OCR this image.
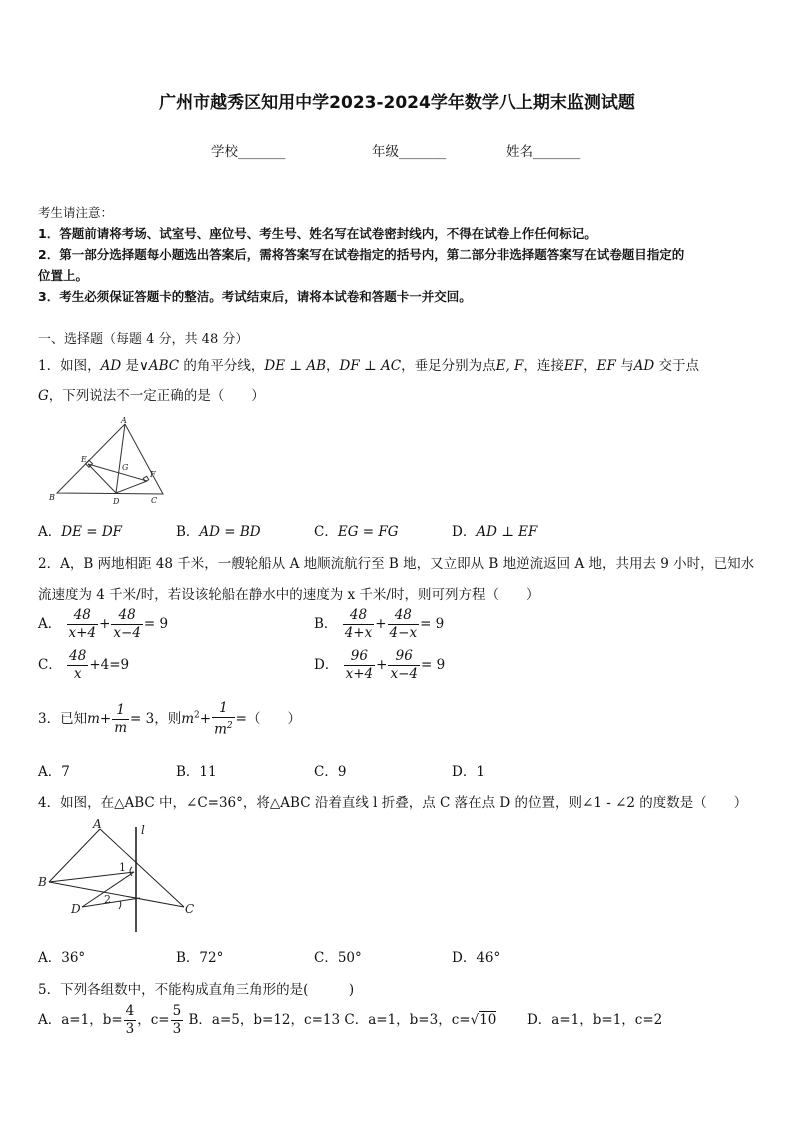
广州市越秀区知用中学2023-2024学年数学八上期末监测试题
学校_______	年级_______	姓名_______
考生请注意：
1．答题前请将考场、试室号、座位号、考生号、姓名写在试卷密封线内，不得在试卷上作任何标记。
2．第一部分选择题每小题选出答案后，需将答案写在试卷指定的括号内，第二部分非选择题答案写在试卷题目指定的
位置上。
3．考生必须保证答题卡的整洁。考试结束后，请将本试卷和答题卡一并交回。
一、选择题（每题 4 分，共 48 分）
1．如图，AD 是∨ABC 的角平分线，DE ⊥ AB，DF ⊥ AC，垂足分别为点E, F，连接EF，EF 与AD 交于点
G，下列说法不一定正确的是（　　）
A
E
G
F
B	D	C
A．DE = DF	B．AD = BD	C．EG = FG	D．AD ⊥ EF
2．A，B 两地相距 48 千米，一艘轮船从 A 地顺流航行至 B 地，又立即从 B 地逆流返回 A 地，共用去 9 小时，已知水
流速度为 4 千米/时，若设该轮船在静水中的速度为 x 千米/时，则可列方程（　　）
A． $\frac{48}{x+4} + \frac{48}{x-4} = 9$	B． $\frac{48}{4+x} + \frac{48}{4-x} = 9$
C． $\frac{48}{x} +4=9$	D． $\frac{96}{x+4} + \frac{96}{x-4} = 9$
3．已知$m+ \frac{1}{m} = 3$，则$m^2+ \frac{1}{m^2}$ =（　　）
A．7	B．11	C．9	D．1
4．如图，在△ABC 中，∠C=36°，将△ABC 沿着直线 l 折叠，点 C 落在点 D 的位置，则∠1 - ∠2 的度数是（　　）
A
B
D	C
l
1
2
A．36°	B．72°	C．50°	D．46°
5．下列各组数中，不能构成直角三角形的是(　　　)
A．a=1，$b= \frac{4}{3}$ ，$c= \frac{5}{3}$ B．a=5，b=12，c=13 C．a=1，b=3，c=√10 D．a=1，b=1，c=2
